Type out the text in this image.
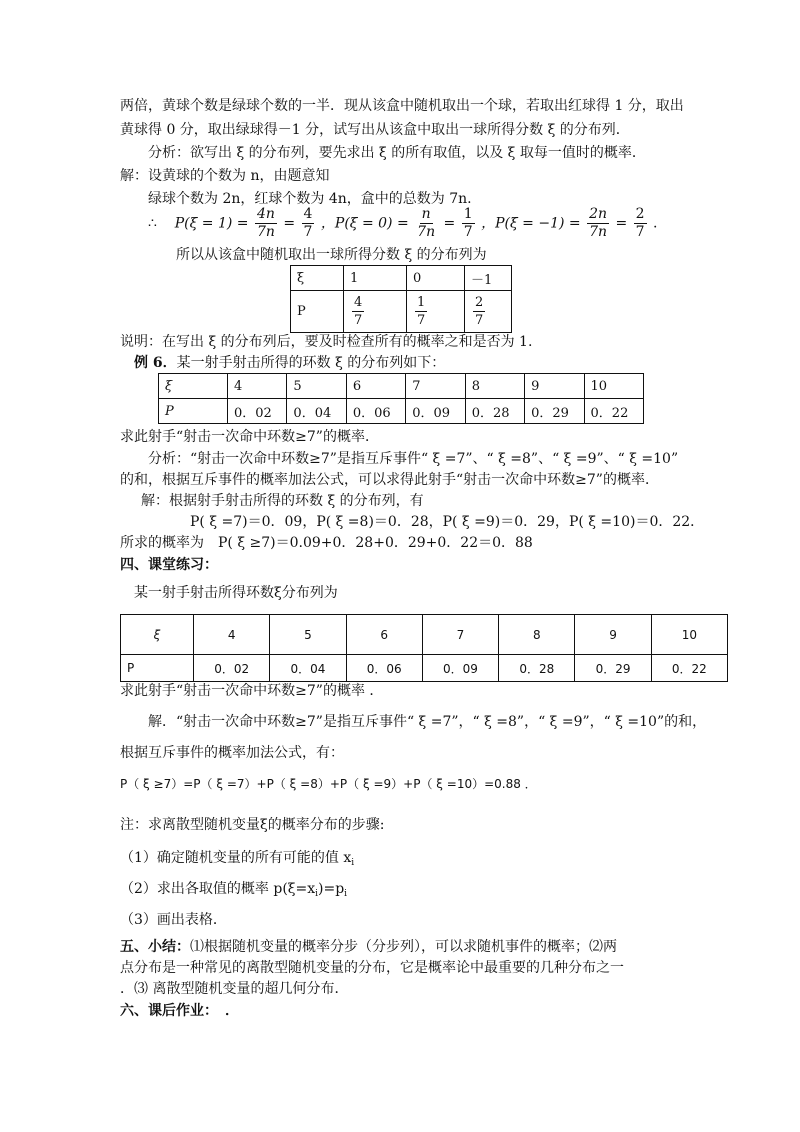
两倍，黄球个数是绿球个数的一半．现从该盒中随机取出一个球，若取出红球得 1 分，取出
黄球得 0 分，取出绿球得－1 分，试写出从该盒中取出一球所得分数 ξ 的分布列．
分析：欲写出 ξ 的分布列，要先求出 ξ 的所有取值，以及 ξ 取每一值时的概率．
解：设黄球的个数为 n，由题意知
绿球个数为 2n，红球个数为 4n，盒中的总数为 7n.
∴ $P(\xi = 1) = \frac{4n}{7n} = \frac{4}{7}$ ，$P(\xi = 0) = \frac{n}{7n} = \frac{1}{7}$ ，$P(\xi = -1) = \frac{2n}{7n} = \frac{2}{7}$ .
所以从该盒中随机取出一球所得分数 ξ 的分布列为
ξ	1	0	－1
P	$\frac{4}{7}$	$\frac{1}{7}$	$\frac{2}{7}$
说明：在写出 ξ 的分布列后，要及时检查所有的概率之和是否为 1.
例 6．某一射手射击所得的环数 ξ 的分布列如下：
ξ	4	5	6	7	8	9	10
P	0．02	0．04	0．06	0．09	0．28	0．29	0．22
求此射手“射击一次命中环数≥7”的概率．
分析：“射击一次命中环数≥7”是指互斥事件“ ξ =7”、“ ξ =8”、“ ξ =9”、“ ξ =10”
的和，根据互斥事件的概率加法公式，可以求得此射手“射击一次命中环数≥7”的概率．
解：根据射手射击所得的环数 ξ 的分布列，有
P( ξ =7)＝0．09，P( ξ =8)＝0．28，P( ξ =9)＝0．29，P( ξ =10)＝0．22．
所求的概率为　P( ξ ≥7)＝0.09+0．28+0．29+0．22＝0．88
四、课堂练习：
某一射手射击所得环数ξ分布列为
ξ	4	5	6	7	8	9	10
P	0．02	0．04	0．06	0．09	0．28	0．29	0．22
求此射手“射击一次命中环数≥7”的概率 ．
解．“射击一次命中环数≥7”是指互斥事件“ ξ =7”，“ ξ =8”，“ ξ =9”，“ ξ =10”的和，
根据互斥事件的概率加法公式，有：
P（ ξ ≥7）=P（ ξ =7）+P（ ξ =8）+P（ ξ =9）+P（ ξ =10）=0.88 ．
注：求离散型随机变量ξ的概率分布的步骤:
（1）确定随机变量的所有可能的值 $x_i$
（2）求出各取值的概率 $p(\xi=x_i)=p_i$
（3）画出表格．
五、小结：⑴根据随机变量的概率分步（分步列），可以求随机事件的概率；⑵两
点分布是一种常见的离散型随机变量的分布，它是概率论中最重要的几种分布之一
．⑶ 离散型随机变量的超几何分布．
六、课后作业：　．
